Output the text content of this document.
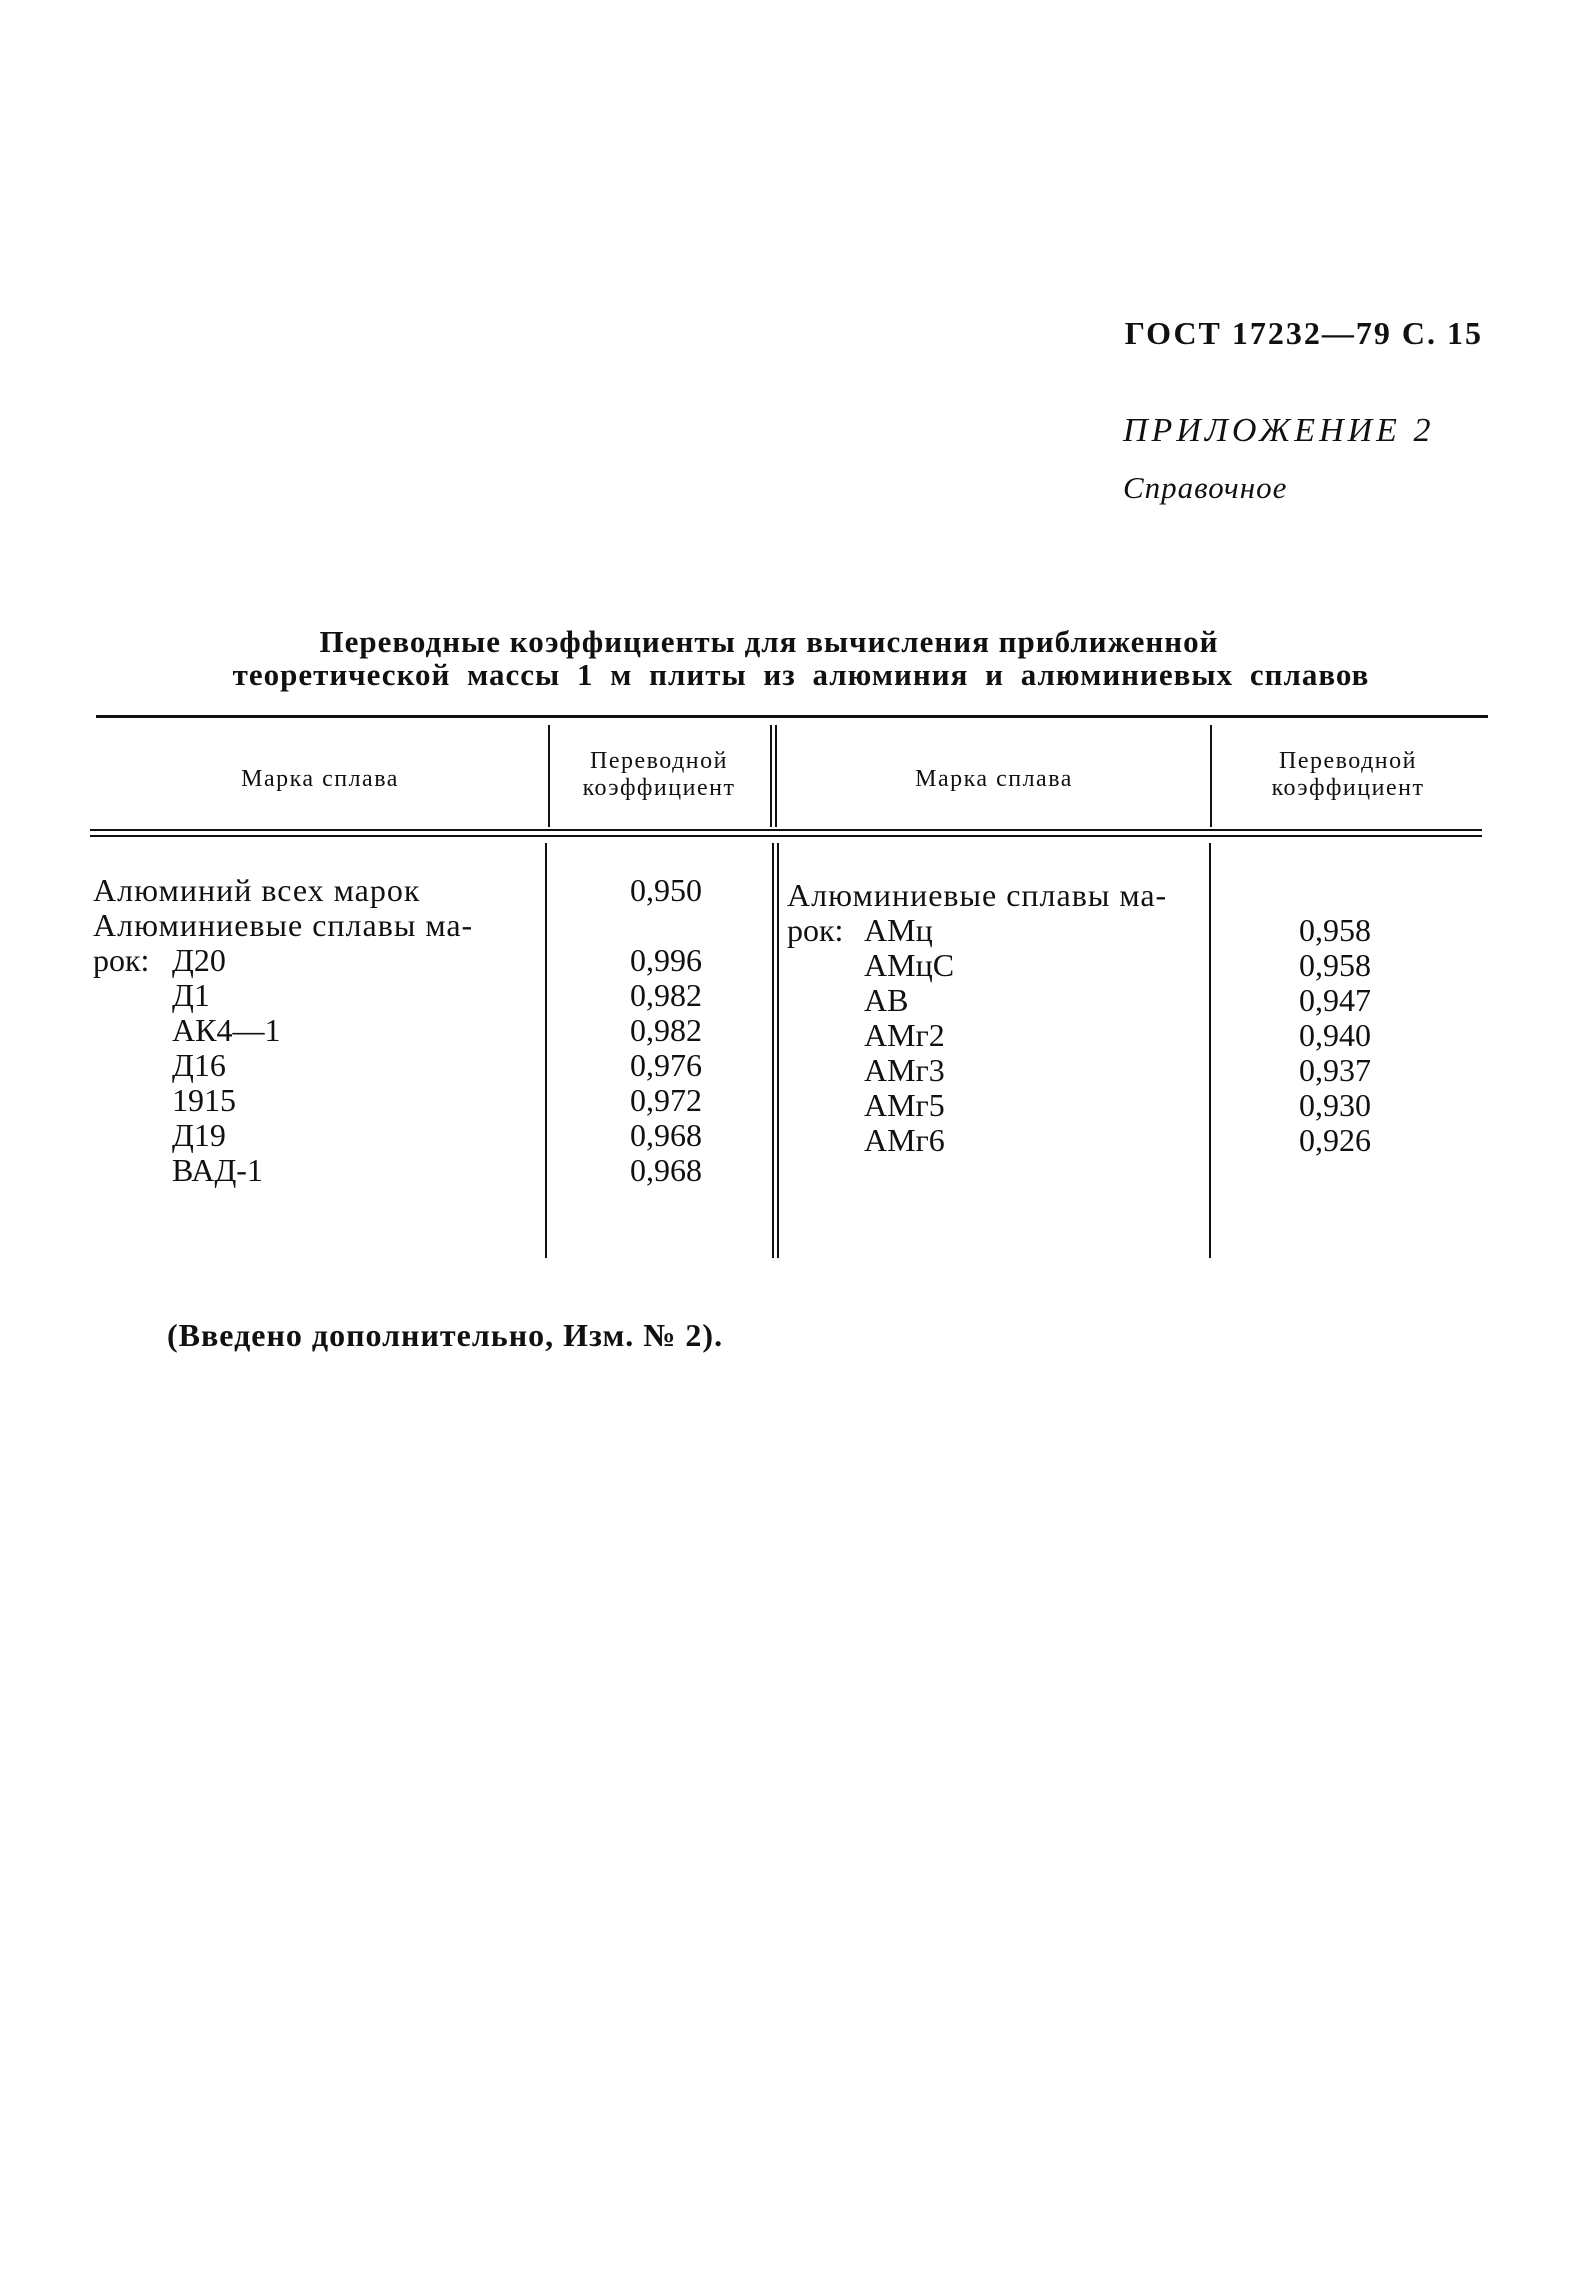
ГОСТ 17232—79 С. 15
ПРИЛОЖЕНИЕ 2
Справочное
Переводные коэффициенты для вычисления приближенной
теоретической массы 1 м плиты из алюминия и алюминиевых сплавов
Марка сплава
Переводной коэффициент	Марка сплава
Переводной коэффициент
Алюминий всех марок	0,950
Алюминиевые сплавы ма-
рок: Д20
Д1
АК4—1
Д16
1915
Д19
ВАД-1
0,996
0,982
0,982
0,976
0,972
0,968
0,968
Алюминиевые сплавы ма-
рок: АМц
АМцС
АВ
АМг2
АМг3
АМг5
АМг6
0,958
0,958
0,947
0,940
0,937
0,930
0,926
(Введено дополнительно, Изм. № 2).
